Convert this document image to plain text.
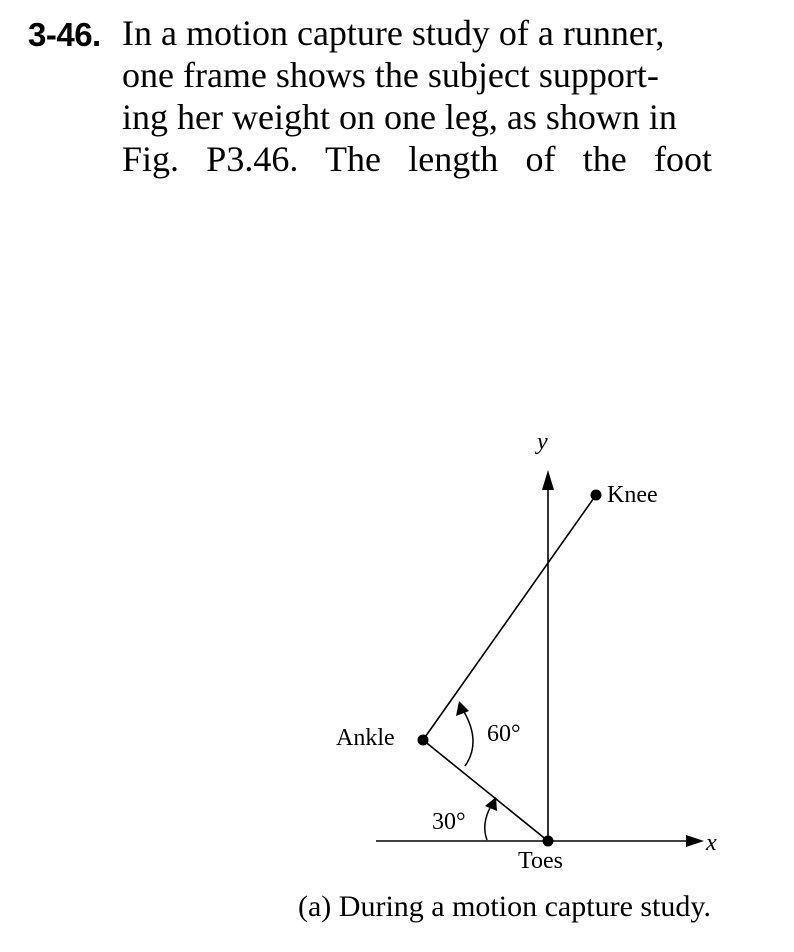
3-46. In a motion capture study of a runner,
one frame shows the subject support-
ing her weight on one leg, as shown in
Fig. P3.46. The length of the foot
x
y
60°
30°
Knee
Ankle
Toes
(a) During a motion capture study.
